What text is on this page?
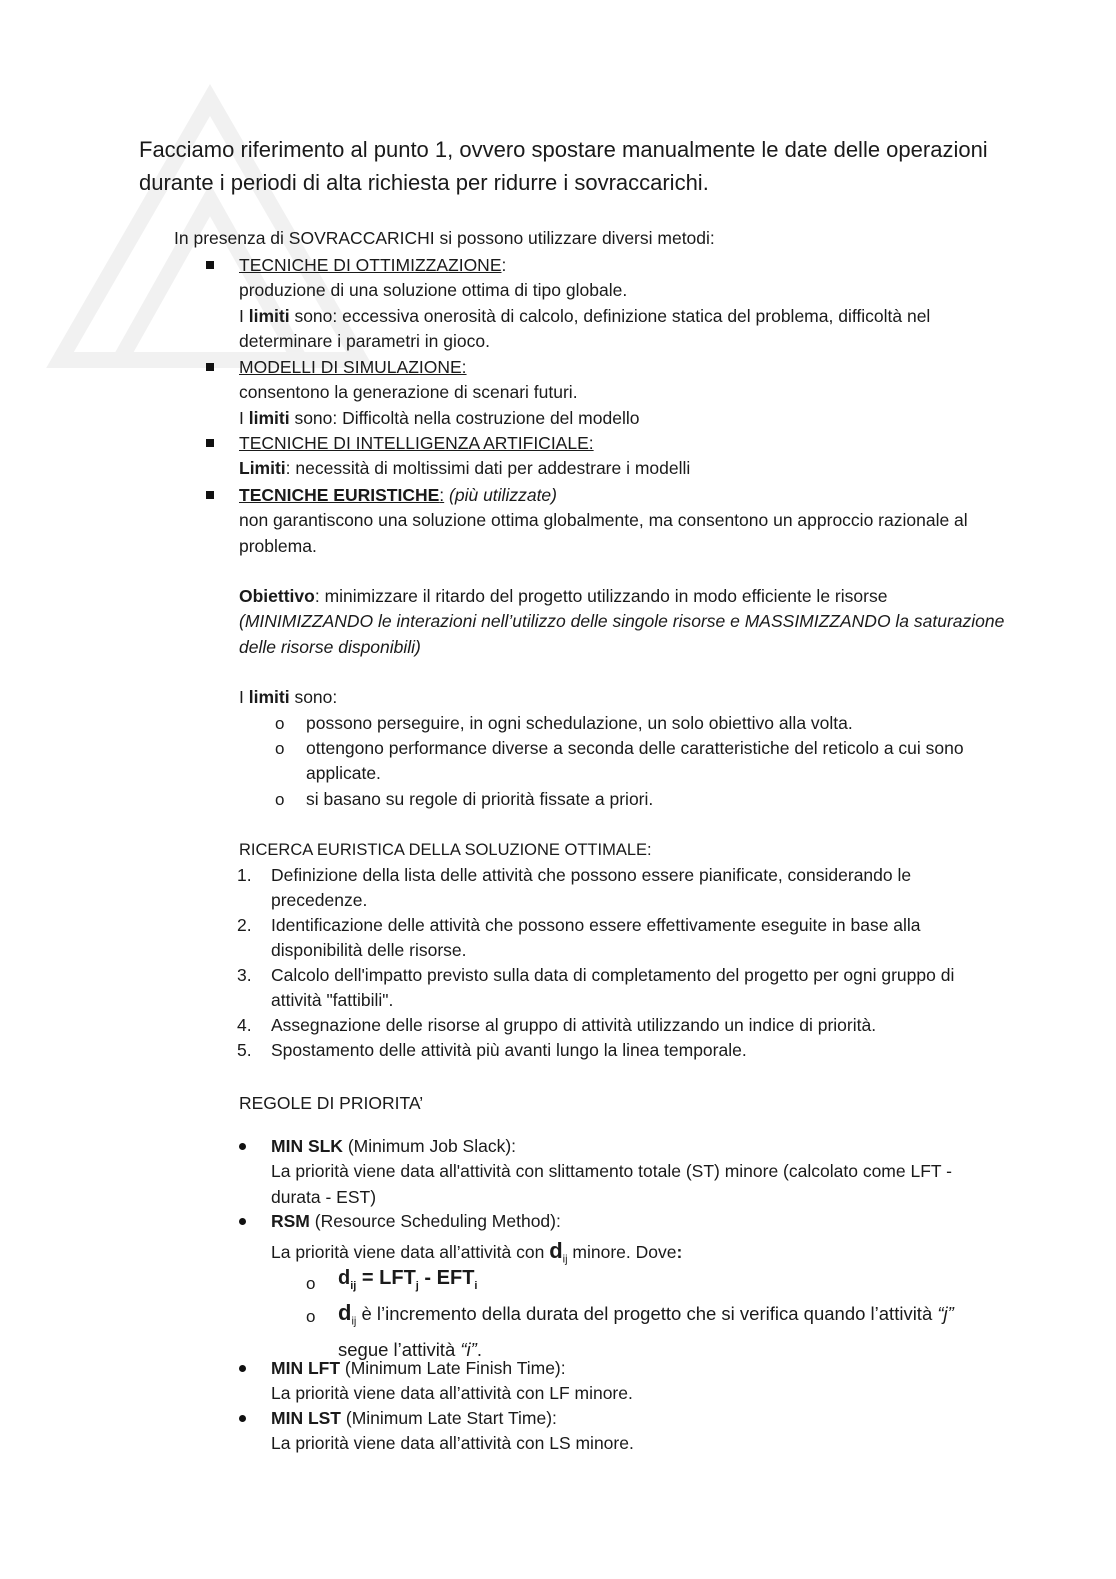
Facciamo riferimento al punto 1, ovvero spostare manualmente le date delle operazioni durante i periodi di alta richiesta per ridurre i sovraccarichi.

In presenza di SOVRACCARICHI si possono utilizzare diversi metodi:
TECNICHE DI OTTIMIZZAZIONE:
produzione di una soluzione ottima di tipo globale.
I limiti sono: eccessiva onerosità di calcolo, definizione statica del problema, difficoltà nel determinare i parametri in gioco.
MODELLI DI SIMULAZIONE:
consentono la generazione di scenari futuri.
I limiti sono: Difficoltà nella costruzione del modello
TECNICHE DI INTELLIGENZA ARTIFICIALE:
Limiti: necessità di moltissimi dati per addestrare i modelli
TECNICHE EURISTICHE: (più utilizzate)
non garantiscono una soluzione ottima globalmente, ma consentono un approccio razionale al problema.
Obiettivo: minimizzare il ritardo del progetto utilizzando in modo efficiente le risorse
(MINIMIZZANDO le interazioni nell’utilizzo delle singole risorse e MASSIMIZZANDO la saturazione delle risorse disponibili)
I limiti sono:
o possono perseguire, in ogni schedulazione, un solo obiettivo alla volta.
o ottengono performance diverse a seconda delle caratteristiche del reticolo a cui sono applicate.
o si basano su regole di priorità fissate a priori.
RICERCA EURISTICA DELLA SOLUZIONE OTTIMALE:
1. Definizione della lista delle attività che possono essere pianificate, considerando le precedenze.
2. Identificazione delle attività che possono essere effettivamente eseguite in base alla disponibilità delle risorse.
3. Calcolo dell'impatto previsto sulla data di completamento del progetto per ogni gruppo di attività "fattibili".
4. Assegnazione delle risorse al gruppo di attività utilizzando un indice di priorità.
5. Spostamento delle attività più avanti lungo la linea temporale.
REGOLE DI PRIORITA’
MIN SLK (Minimum Job Slack):
La priorità viene data all'attività con slittamento totale (ST) minore (calcolato come LFT - durata - EST)
RSM (Resource Scheduling Method):
La priorità viene data all’attività con $d_{ij}$ minore. Dove:
o $d_{ij} = LFT_j - EFT_i$
o $d_{ij}$ è l’incremento della durata del progetto che si verifica quando l’attività “j” segue l’attività “i”.
MIN LFT (Minimum Late Finish Time):
La priorità viene data all’attività con LF minore.
MIN LST (Minimum Late Start Time):
La priorità viene data all’attività con LS minore.
